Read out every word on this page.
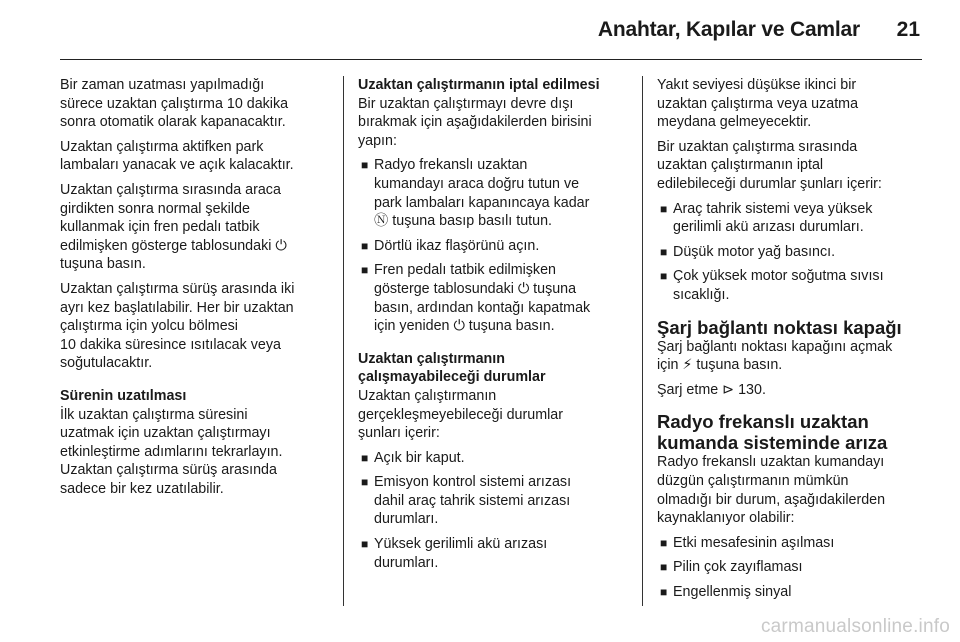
Anahtar, Kapılar ve Camlar	21

Bir zaman uzatması yapılmadığı
sürece uzaktan çalıştırma 10 dakika
sonra otomatik olarak kapanacaktır.

Uzaktan çalıştırma aktifken park
lambaları yanacak ve açık kalacaktır.

Uzaktan çalıştırma sırasında araca
girdikten sonra normal şekilde
kullanmak için fren pedalı tatbik
edilmişken gösterge tablosundaki ⏻
tuşuna basın.

Uzaktan çalıştırma sürüş arasında iki
ayrı kez başlatılabilir. Her bir uzaktan
çalıştırma için yolcu bölmesi
10 dakika süresince ısıtılacak veya
soğutulacaktır.

Sürenin uzatılması

İlk uzaktan çalıştırma süresini
uzatmak için uzaktan çalıştırmayı
etkinleştirme adımlarını tekrarlayın.
Uzaktan çalıştırma sürüş arasında
sadece bir kez uzatılabilir.

Uzaktan çalıştırmanın iptal edilmesi

Bir uzaktan çalıştırmayı devre dışı
bırakmak için aşağıdakilerden birisini
yapın:

■ Radyo frekanslı uzaktan
kumandayı araca doğru tutun ve
park lambaları kapanıncaya kadar
Ⓝ tuşuna basıp basılı tutun.
■ Dörtlü ikaz flaşörünü açın.
■ Fren pedalı tatbik edilmişken
gösterge tablosundaki ⏻ tuşuna
basın, ardından kontağı kapatmak
için yeniden ⏻ tuşuna basın.
Uzaktan çalıştırmanın
çalışmayabileceği durumlar

Uzaktan çalıştırmanın
gerçekleşmeyebileceği durumlar
şunları içerir:

■ Açık bir kaput.
■ Emisyon kontrol sistemi arızası
dahil araç tahrik sistemi arızası
durumları.
■ Yüksek gerilimli akü arızası
durumları.

Yakıt seviyesi düşükse ikinci bir
uzaktan çalıştırma veya uzatma
meydana gelmeyecektir.

Bir uzaktan çalıştırma sırasında
uzaktan çalıştırmanın iptal
edilebileceği durumlar şunları içerir:

■ Araç tahrik sistemi veya yüksek
gerilimli akü arızası durumları.
■ Düşük motor yağ basıncı.
■ Çok yüksek motor soğutma sıvısı
sıcaklığı.
Şarj bağlantı noktası kapağı

Şarj bağlantı noktası kapağını açmak
için ⚡ tuşuna basın.

Şarj etme ⊳ 130.

Radyo frekanslı uzaktan
kumanda sisteminde arıza

Radyo frekanslı uzaktan kumandayı
düzgün çalıştırmanın mümkün
olmadığı bir durum, aşağıdakilerden
kaynaklanıyor olabilir:

■ Etki mesafesinin aşılması
■ Pilin çok zayıflaması
■ Engellenmiş sinyal
carmanualsonline.info
